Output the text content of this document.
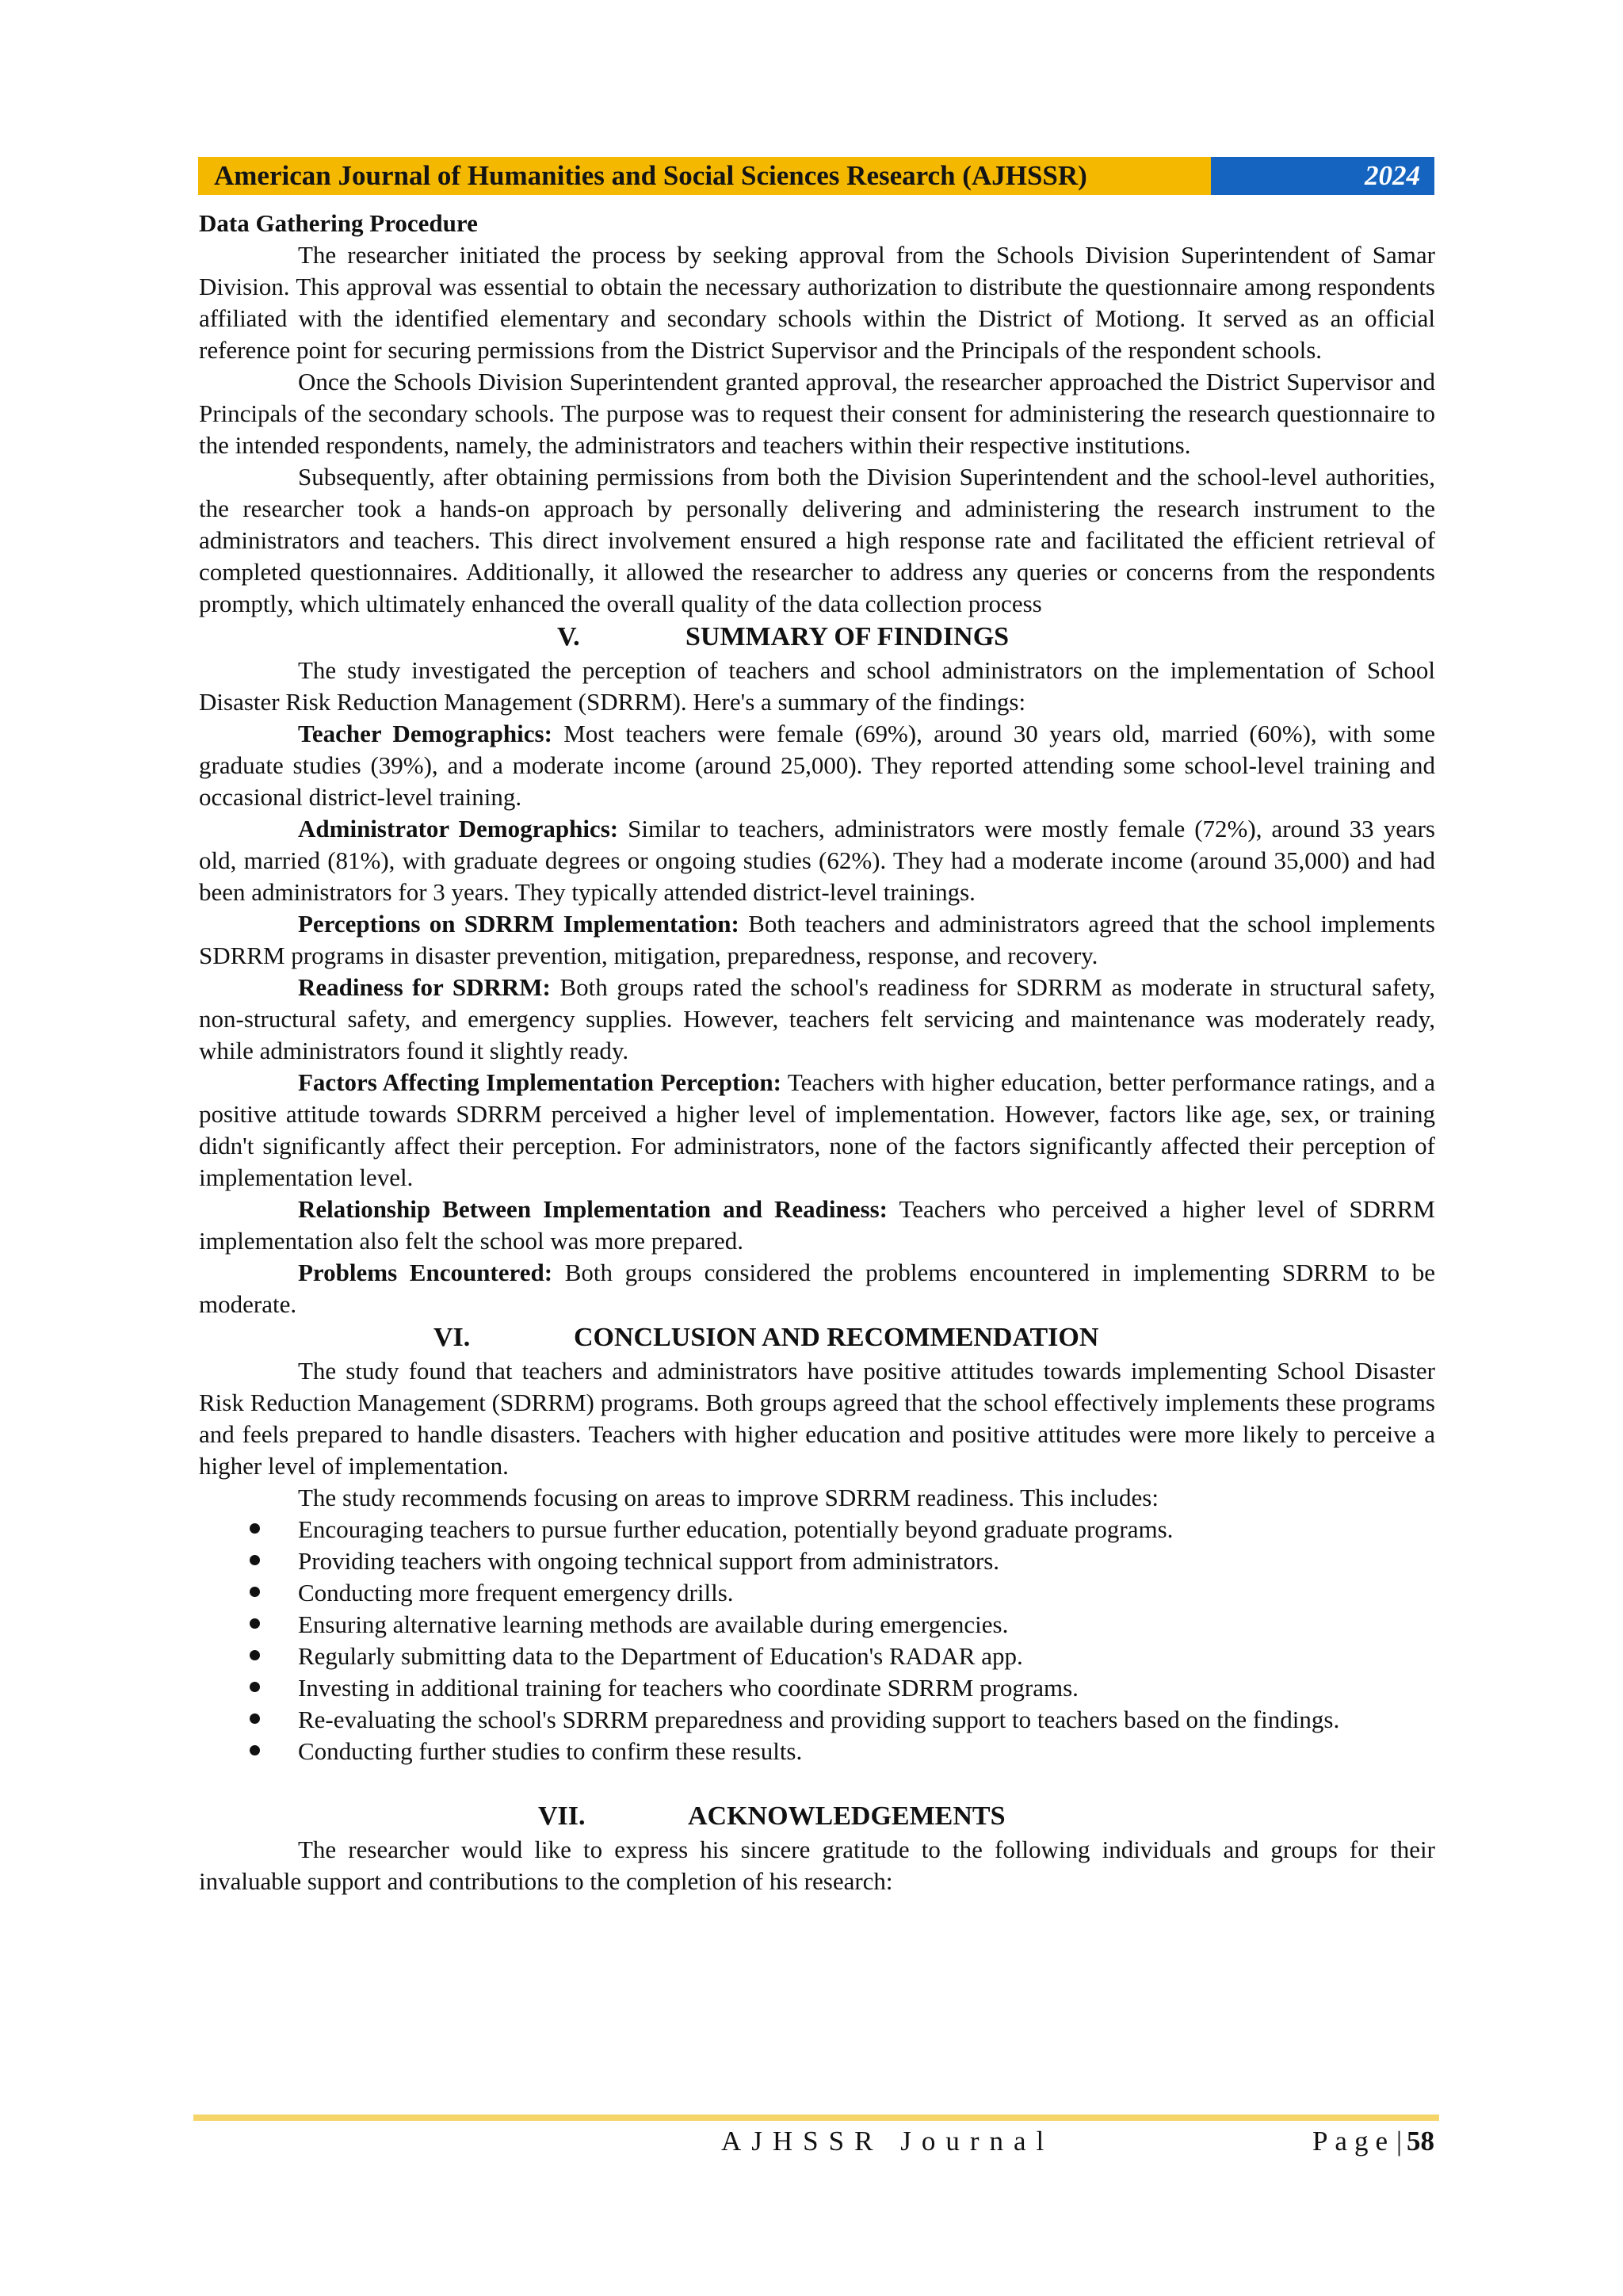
American Journal of Humanities and Social Sciences Research (AJHSSR)	2024

Data Gathering Procedure

The researcher initiated the process by seeking approval from the Schools Division Superintendent of Samar Division. This approval was essential to obtain the necessary authorization to distribute the questionnaire among respondents affiliated with the identified elementary and secondary schools within the District of Motiong. It served as an official reference point for securing permissions from the District Supervisor and the Principals of the respondent schools.

Once the Schools Division Superintendent granted approval, the researcher approached the District Supervisor and Principals of the secondary schools. The purpose was to request their consent for administering the research questionnaire to the intended respondents, namely, the administrators and teachers within their respective institutions.

Subsequently, after obtaining permissions from both the Division Superintendent and the school-level authorities, the researcher took a hands-on approach by personally delivering and administering the research instrument to the administrators and teachers. This direct involvement ensured a high response rate and facilitated the efficient retrieval of completed questionnaires. Additionally, it allowed the researcher to address any queries or concerns from the respondents promptly, which ultimately enhanced the overall quality of the data collection process

V.	SUMMARY OF FINDINGS

The study investigated the perception of teachers and school administrators on the implementation of School Disaster Risk Reduction Management (SDRRM). Here's a summary of the findings:

Teacher Demographics: Most teachers were female (69%), around 30 years old, married (60%), with some graduate studies (39%), and a moderate income (around 25,000). They reported attending some school-level training and occasional district-level training.

Administrator Demographics: Similar to teachers, administrators were mostly female (72%), around 33 years old, married (81%), with graduate degrees or ongoing studies (62%). They had a moderate income (around 35,000) and had been administrators for 3 years. They typically attended district-level trainings.

Perceptions on SDRRM Implementation: Both teachers and administrators agreed that the school implements SDRRM programs in disaster prevention, mitigation, preparedness, response, and recovery.

Readiness for SDRRM: Both groups rated the school's readiness for SDRRM as moderate in structural safety, non-structural safety, and emergency supplies. However, teachers felt servicing and maintenance was moderately ready, while administrators found it slightly ready.

Factors Affecting Implementation Perception: Teachers with higher education, better performance ratings, and a positive attitude towards SDRRM perceived a higher level of implementation. However, factors like age, sex, or training didn't significantly affect their perception. For administrators, none of the factors significantly affected their perception of implementation level.

Relationship Between Implementation and Readiness: Teachers who perceived a higher level of SDRRM implementation also felt the school was more prepared.

Problems Encountered: Both groups considered the problems encountered in implementing SDRRM to be moderate.

VI.	CONCLUSION AND RECOMMENDATION

The study found that teachers and administrators have positive attitudes towards implementing School Disaster Risk Reduction Management (SDRRM) programs. Both groups agreed that the school effectively implements these programs and feels prepared to handle disasters. Teachers with higher education and positive attitudes were more likely to perceive a higher level of implementation.

The study recommends focusing on areas to improve SDRRM readiness. This includes:

Encouraging teachers to pursue further education, potentially beyond graduate programs.
Providing teachers with ongoing technical support from administrators.
Conducting more frequent emergency drills.
Ensuring alternative learning methods are available during emergencies.
Regularly submitting data to the Department of Education's RADAR app.
Investing in additional training for teachers who coordinate SDRRM programs.
Re-evaluating the school's SDRRM preparedness and providing support to teachers based on the findings.
Conducting further studies to confirm these results.
VII.	ACKNOWLEDGEMENTS

The researcher would like to express his sincere gratitude to the following individuals and groups for their invaluable support and contributions to the completion of his research:

AJHSSR Journal	Page| 58
